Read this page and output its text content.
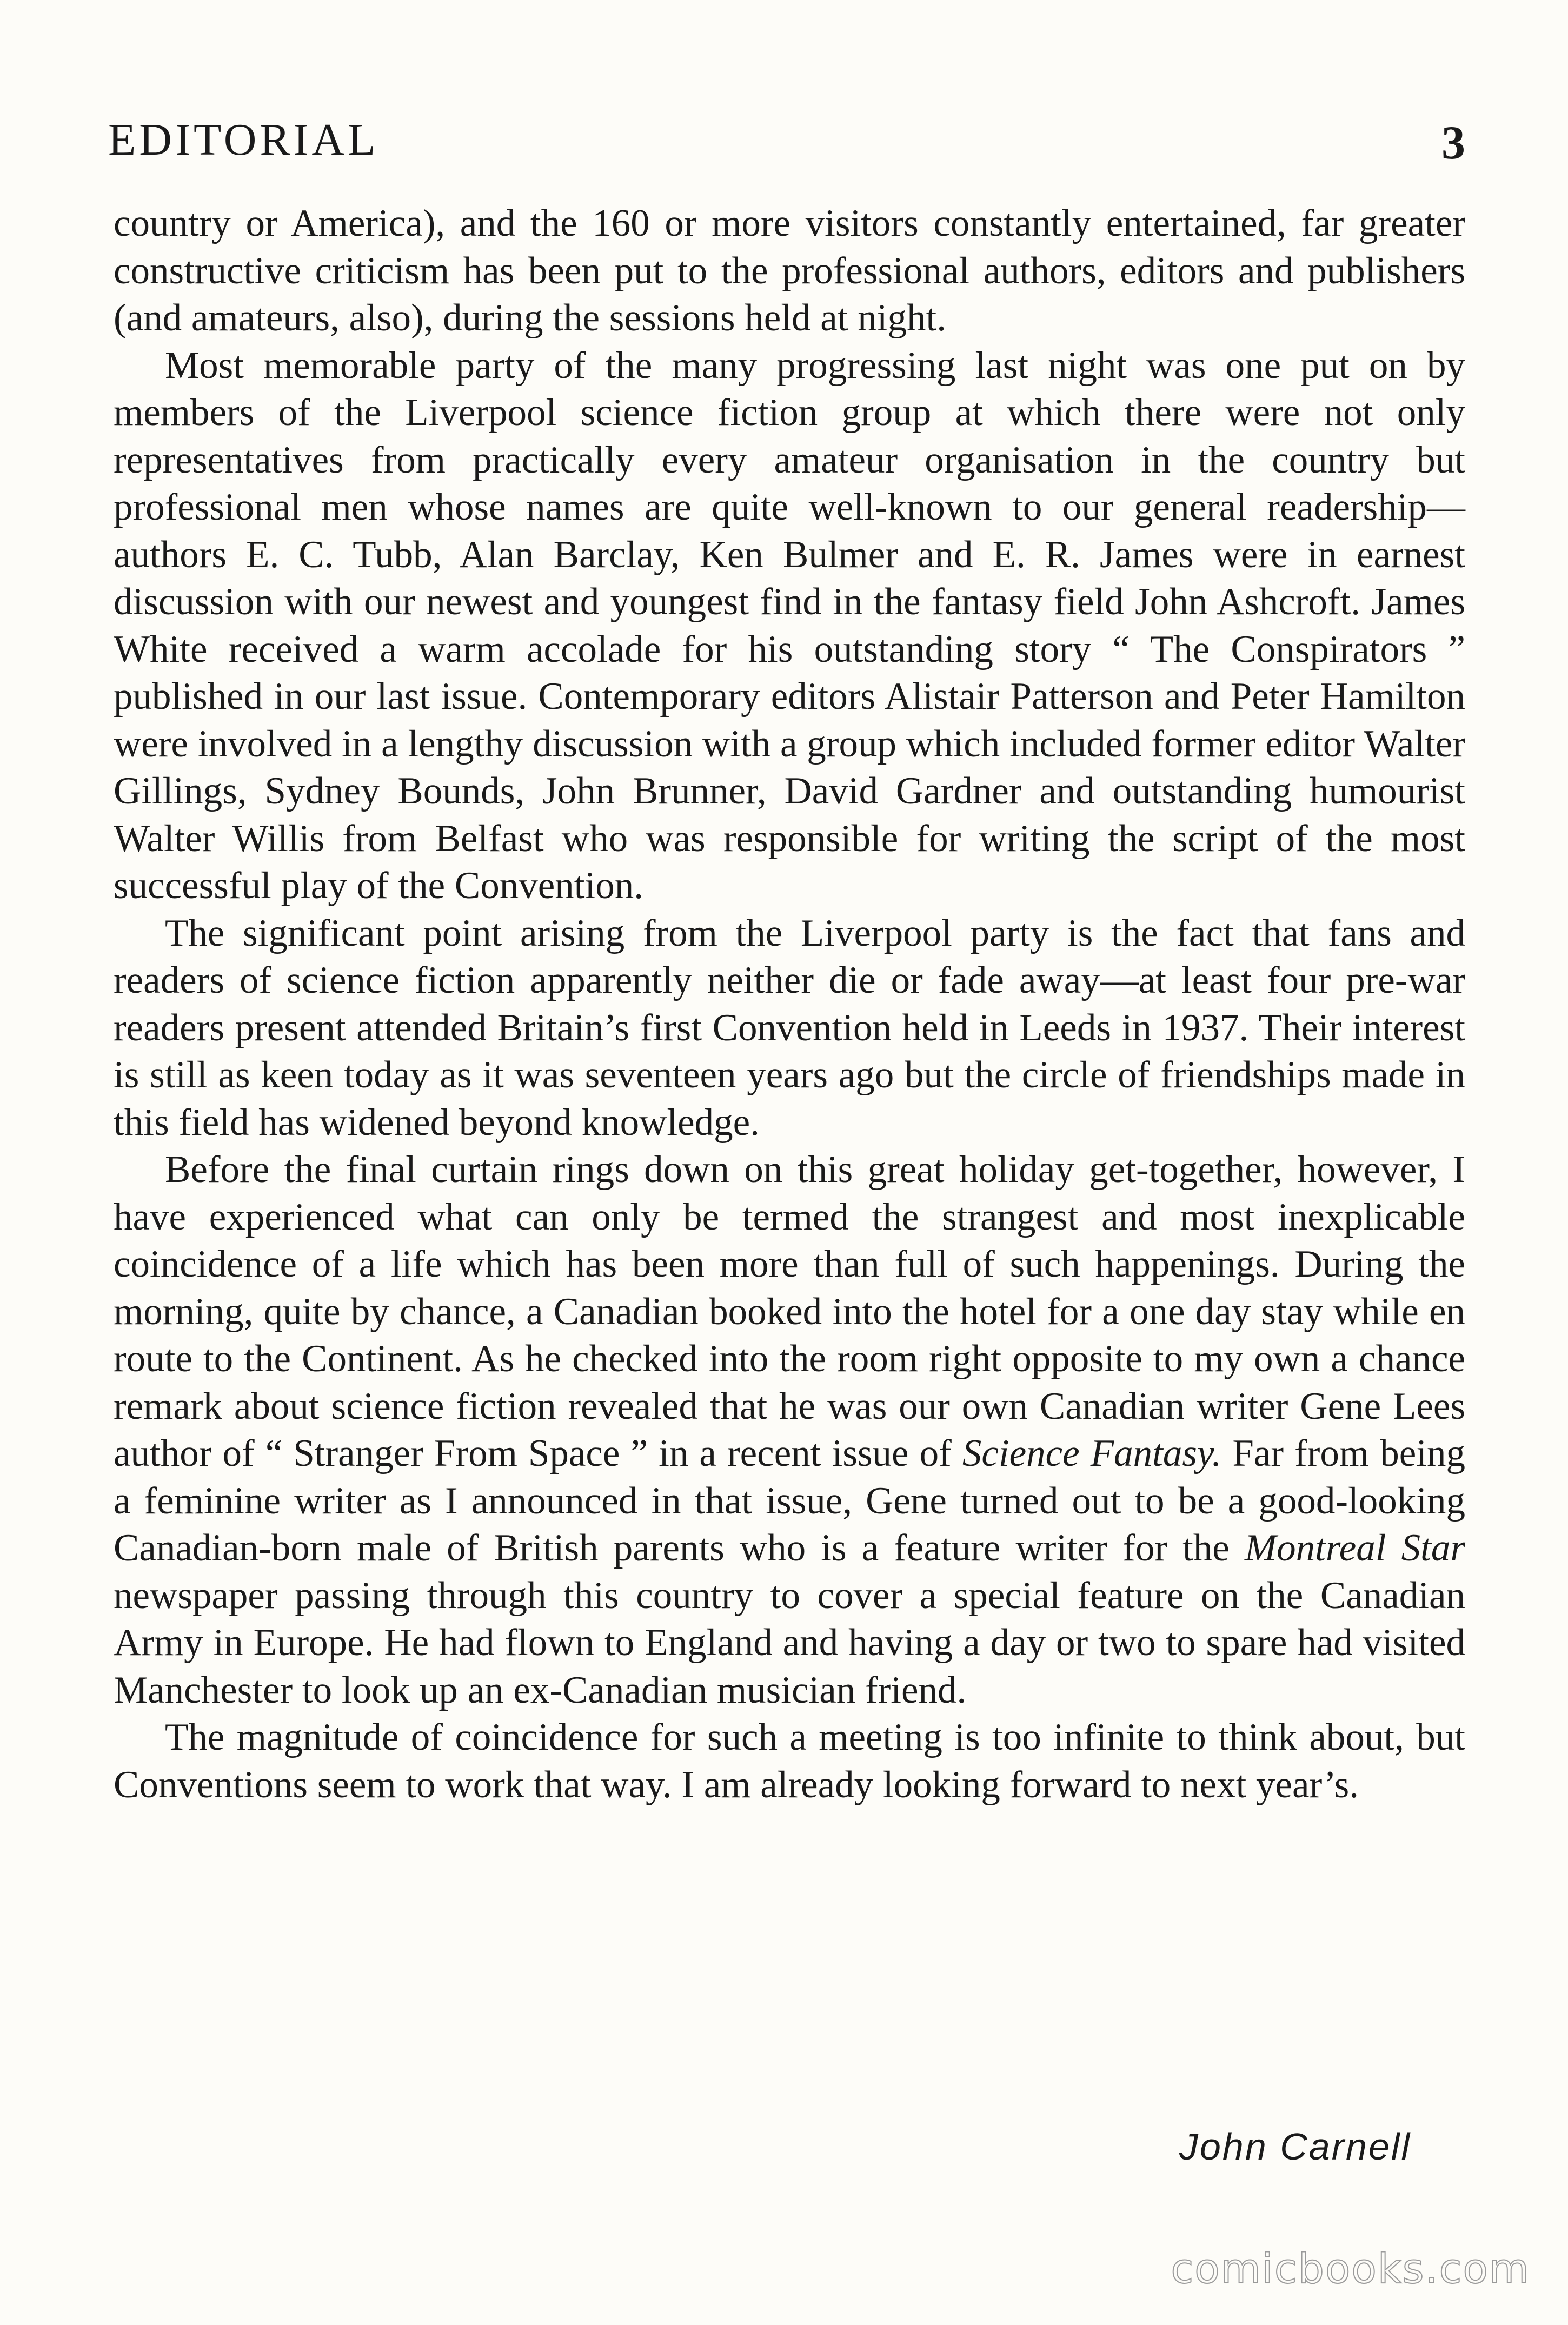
EDITORIAL	3

country or America), and the 160 or more visitors constantly entertained, far greater constructive criticism has been put to the professional authors, editors and publishers (and amateurs, also), during the sessions held at night.

Most memorable party of the many progressing last night was one put on by members of the Liverpool science fiction group at which there were not only representatives from practically every amateur organisation in the country but professional men whose names are quite well-known to our general readership—authors E. C. Tubb, Alan Barclay, Ken Bulmer and E. R. James were in earnest discussion with our newest and youngest find in the fantasy field John Ashcroft. James White received a warm accolade for his outstanding story “ The Conspirators ” published in our last issue. Contemporary editors Alistair Patterson and Peter Hamilton were involved in a lengthy discussion with a group which included former editor Walter Gillings, Sydney Bounds, John Brunner, David Gardner and outstanding humourist Walter Willis from Belfast who was responsible for writing the script of the most successful play of the Convention.

The significant point arising from the Liverpool party is the fact that fans and readers of science fiction apparently neither die or fade away—at least four pre-war readers present attended Britain’s first Convention held in Leeds in 1937. Their interest is still as keen today as it was seventeen years ago but the circle of friendships made in this field has widened beyond knowledge.

Before the final curtain rings down on this great holiday get-together, however, I have experienced what can only be termed the strangest and most inexplicable coincidence of a life which has been more than full of such happenings. During the morning, quite by chance, a Canadian booked into the hotel for a one day stay while en route to the Continent. As he checked into the room right opposite to my own a chance remark about science fiction revealed that he was our own Canadian writer Gene Lees author of “ Stranger From Space ” in a recent issue of Science Fantasy. Far from being a feminine writer as I announced in that issue, Gene turned out to be a good-looking Canadian-born male of British parents who is a feature writer for the Montreal Star newspaper passing through this country to cover a special feature on the Canadian Army in Europe. He had flown to England and having a day or two to spare had visited Manchester to look up an ex-Canadian musician friend.

The magnitude of coincidence for such a meeting is too infinite to think about, but Conventions seem to work that way. I am already looking forward to next year’s.

John Carnell
comicbooks.com
